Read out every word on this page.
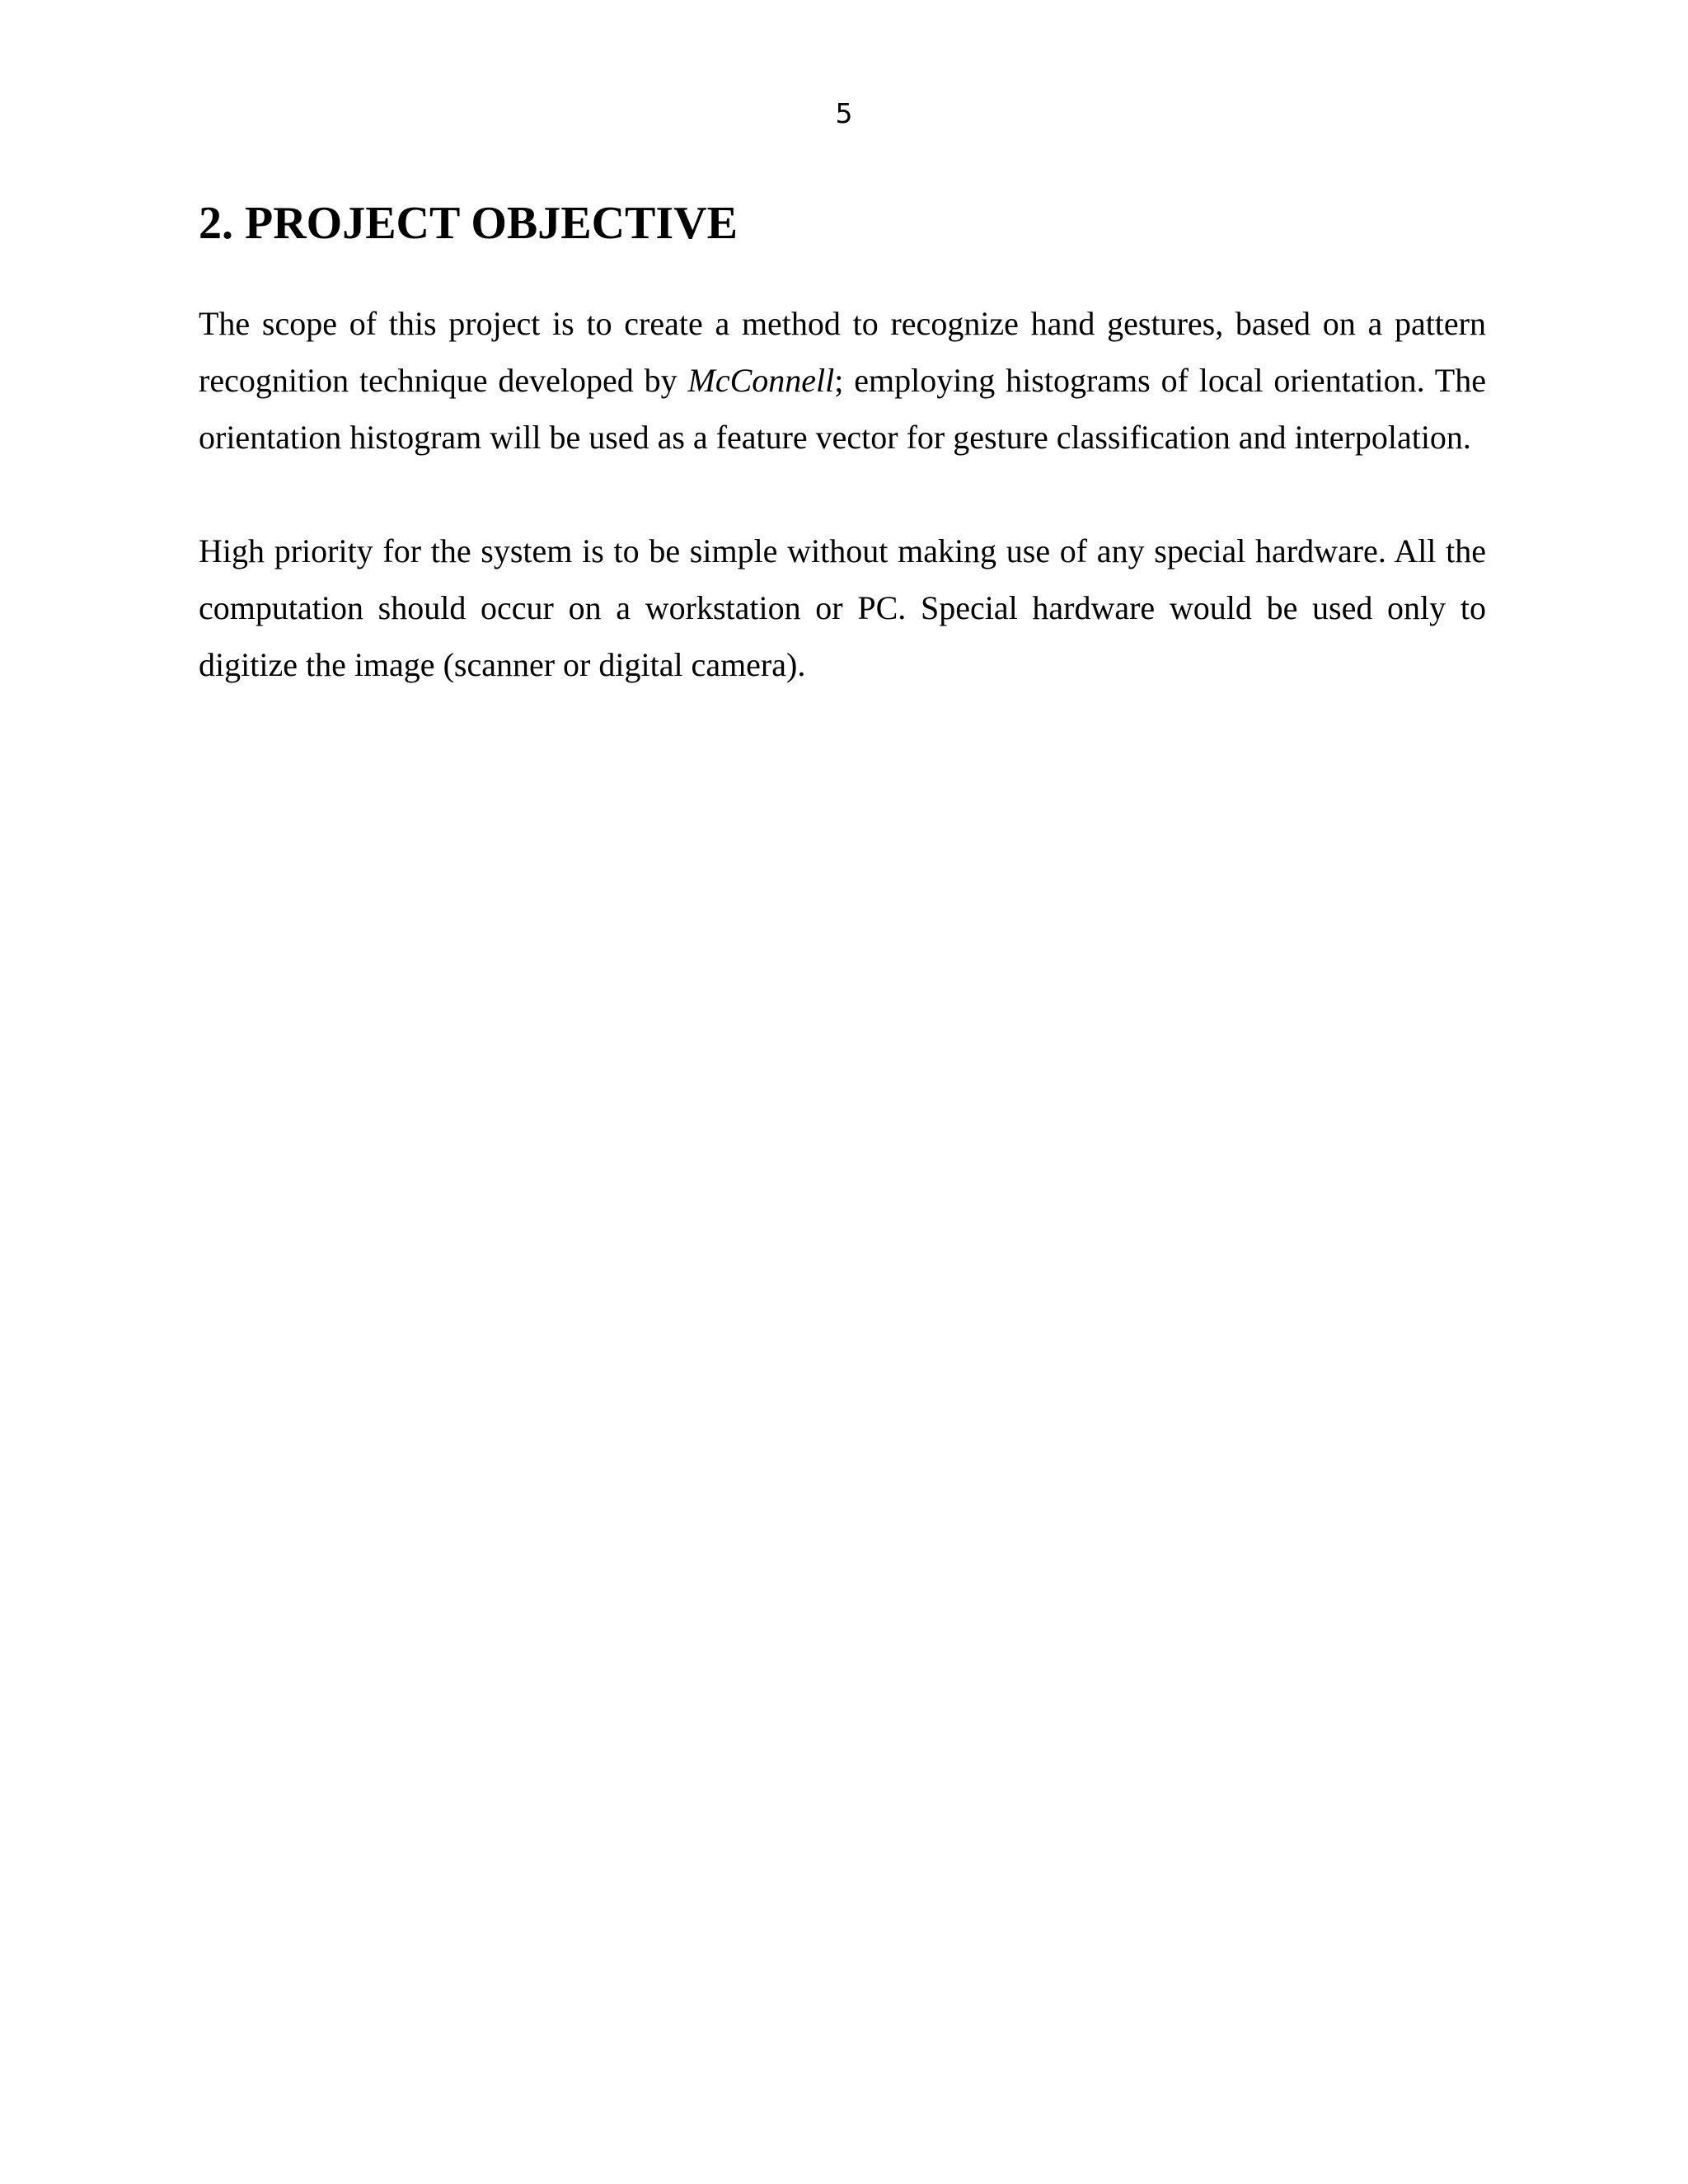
5
2. PROJECT OBJECTIVE

The scope of this project is to create a method to recognize hand gestures, based on a pattern recognition technique developed by McConnell; employing histograms of local orientation. The orientation histogram will be used as a feature vector for gesture classification and interpolation.

High priority for the system is to be simple without making use of any special hardware. All the computation should occur on a workstation or PC. Special hardware would be used only to digitize the image (scanner or digital camera).
